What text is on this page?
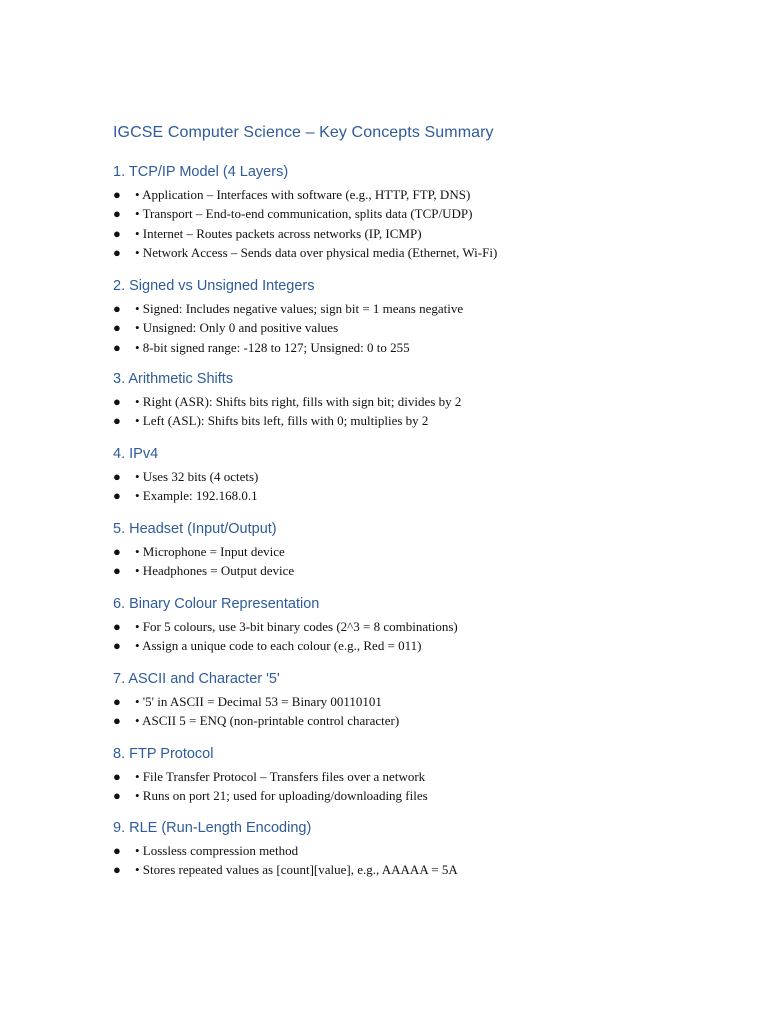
IGCSE Computer Science – Key Concepts Summary
1. TCP/IP Model (4 Layers)
● • Application – Interfaces with software (e.g., HTTP, FTP, DNS)
● • Transport – End-to-end communication, splits data (TCP/UDP)
● • Internet – Routes packets across networks (IP, ICMP)
● • Network Access – Sends data over physical media (Ethernet, Wi-Fi)
2. Signed vs Unsigned Integers
● • Signed: Includes negative values; sign bit = 1 means negative
● • Unsigned: Only 0 and positive values
● • 8-bit signed range: -128 to 127; Unsigned: 0 to 255
3. Arithmetic Shifts
● • Right (ASR): Shifts bits right, fills with sign bit; divides by 2
● • Left (ASL): Shifts bits left, fills with 0; multiplies by 2
4. IPv4
● • Uses 32 bits (4 octets)
● • Example: 192.168.0.1
5. Headset (Input/Output)
● • Microphone = Input device
● • Headphones = Output device
6. Binary Colour Representation
● • For 5 colours, use 3-bit binary codes (2^3 = 8 combinations)
● • Assign a unique code to each colour (e.g., Red = 011)
7. ASCII and Character '5'
● • '5' in ASCII = Decimal 53 = Binary 00110101
● • ASCII 5 = ENQ (non-printable control character)
8. FTP Protocol
● • File Transfer Protocol – Transfers files over a network
● • Runs on port 21; used for uploading/downloading files
9. RLE (Run-Length Encoding)
● • Lossless compression method
● • Stores repeated values as [count][value], e.g., AAAAA = 5A
